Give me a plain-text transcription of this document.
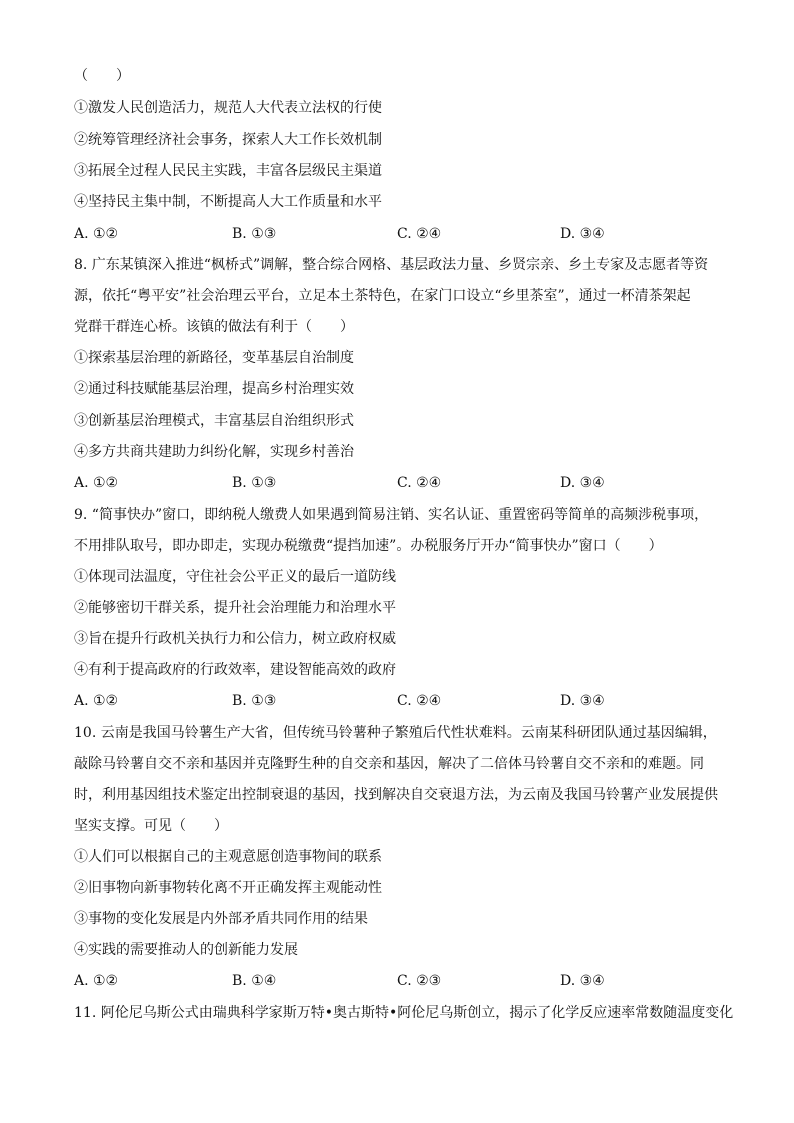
（　　）
①激发人民创造活力，规范人大代表立法权的行使
②统筹管理经济社会事务，探索人大工作长效机制
③拓展全过程人民民主实践，丰富各层级民主渠道
④坚持民主集中制，不断提高人大工作质量和水平
A. ①②	B. ①③	C. ②④	D. ③④
8. 广东某镇深入推进“枫桥式”调解，整合综合网格、基层政法力量、乡贤宗亲、乡土专家及志愿者等资
源，依托“粤平安”社会治理云平台，立足本土茶特色，在家门口设立“乡里茶室”，通过一杯清茶架起
党群干群连心桥。该镇的做法有利于（　　）
①探索基层治理的新路径，变革基层自治制度
②通过科技赋能基层治理，提高乡村治理实效
③创新基层治理模式，丰富基层自治组织形式
④多方共商共建助力纠纷化解，实现乡村善治
A. ①②	B. ①③	C. ②④	D. ③④
9. “简事快办”窗口，即纳税人缴费人如果遇到简易注销、实名认证、重置密码等简单的高频涉税事项，
不用排队取号，即办即走，实现办税缴费“提挡加速”。办税服务厅开办“简事快办”窗口（　　）
①体现司法温度，守住社会公平正义的最后一道防线
②能够密切干群关系，提升社会治理能力和治理水平
③旨在提升行政机关执行力和公信力，树立政府权威
④有利于提高政府的行政效率，建设智能高效的政府
A. ①②	B. ①③	C. ②④	D. ③④
10. 云南是我国马铃薯生产大省，但传统马铃薯种子繁殖后代性状难料。云南某科研团队通过基因编辑，
敲除马铃薯自交不亲和基因并克隆野生种的自交亲和基因，解决了二倍体马铃薯自交不亲和的难题。同
时，利用基因组技术鉴定出控制衰退的基因，找到解决自交衰退方法，为云南及我国马铃薯产业发展提供
坚实支撑。可见（　　）
①人们可以根据自己的主观意愿创造事物间的联系
②旧事物向新事物转化离不开正确发挥主观能动性
③事物的变化发展是内外部矛盾共同作用的结果
④实践的需要推动人的创新能力发展
A. ①②	B. ①④	C. ②③	D. ③④
11. 阿伦尼乌斯公式由瑞典科学家斯万特•奥古斯特•阿伦尼乌斯创立，揭示了化学反应速率常数随温度变化
